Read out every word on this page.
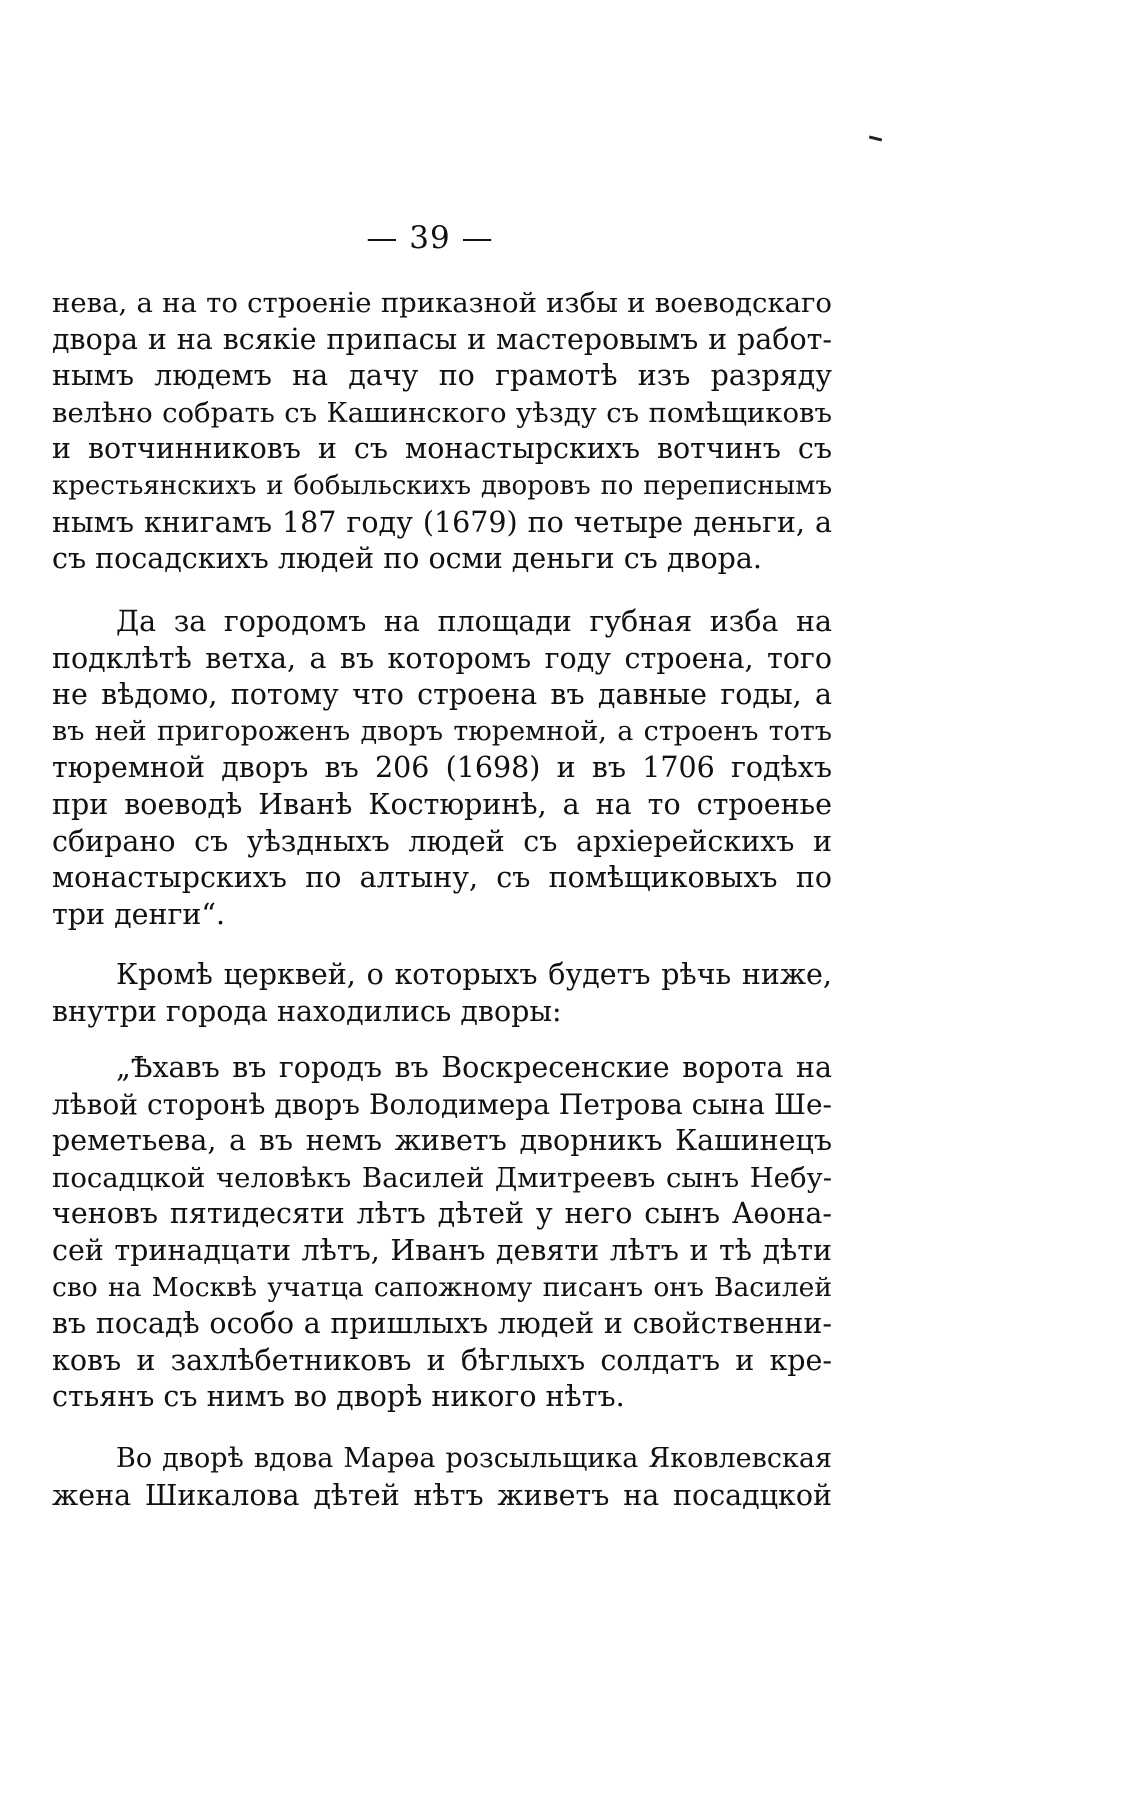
— 39 —
нева, а на то строеніе приказной избы и воеводскаго
двора и на всякіе припасы и мастеровымъ и работ-
нымъ людемъ на дачу по грамотѣ изъ разряду
велѣно собрать съ Кашинского уѣзду съ помѣщиковъ
и вотчинниковъ и съ монастырскихъ вотчинъ съ
крестьянскихъ и бобыльскихъ дворовъ по переписнымъ
нымъ книгамъ 187 году (1679) по четыре деньги, а
съ посадскихъ людей по осми деньги съ двора.
Да за городомъ на площади губная изба на
подклѣтѣ ветха, а въ которомъ году строена, того
не вѣдомо, потому что строена въ давные годы, а
въ ней пригороженъ дворъ тюремной, а строенъ тотъ
тюремной дворъ въ 206 (1698) и въ 1706 годѣхъ
при воеводѣ Иванѣ Костюринѣ, а на то строенье
сбирано съ уѣздныхъ людей съ архіерейскихъ и
монастырскихъ по алтыну, съ помѣщиковыхъ по
три денги“.
Кромѣ церквей, о которыхъ будетъ рѣчь ниже,
внутри города находились дворы:
„Ѣхавъ въ городъ въ Воскресенские ворота на
лѣвой сторонѣ дворъ Володимера Петрова сына Ше-
реметьева, а въ немъ живетъ дворникъ Кашинецъ
посадцкой человѣкъ Василей Дмитреевъ сынъ Небу-
ченовъ пятидесяти лѣтъ дѣтей у него сынъ Аѳона-
сей тринадцати лѣтъ, Иванъ девяти лѣтъ и тѣ дѣти
сво на Москвѣ учатца сапожному писанъ онъ Василей
въ посадѣ особо а пришлыхъ людей и свойственни-
ковъ и захлѣбетниковъ и бѣглыхъ солдатъ и кре-
стьянъ съ нимъ во дворѣ никого нѣтъ.
Во дворѣ вдова Марѳа розсыльщика Яковлевская
жена Шикалова дѣтей нѣтъ живетъ на посадцкой
